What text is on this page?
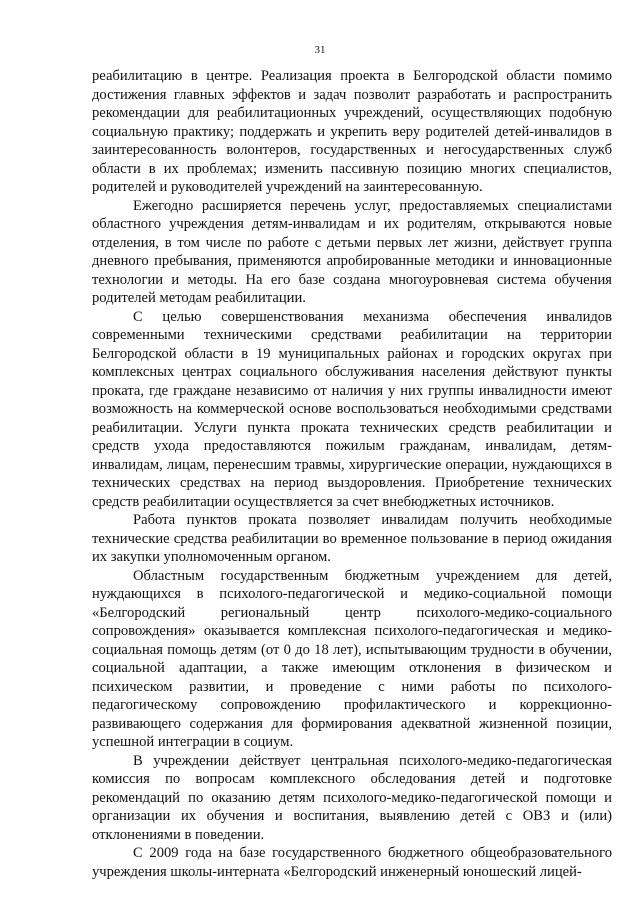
31

реабилитацию в центре. Реализация проекта в Белгородской области помимо достижения главных эффектов и задач позволит разработать и распространить рекомендации для реабилитационных учреждений, осуществляющих подобную социальную практику; поддержать и укрепить веру родителей детей-инвалидов в заинтересованность волонтеров, государственных и негосударственных служб области в их проблемах; изменить пассивную позицию многих специалистов, родителей и руководителей учреждений на заинтересованную.

Ежегодно расширяется перечень услуг, предоставляемых специалистами областного учреждения детям-инвалидам и их родителям, открываются новые отделения, в том числе по работе с детьми первых лет жизни, действует группа дневного пребывания, применяются апробированные методики и инновационные технологии и методы. На его базе создана многоуровневая система обучения родителей методам реабилитации.

С целью совершенствования механизма обеспечения инвалидов современными техническими средствами реабилитации на территории Белгородской области в 19 муниципальных районах и городских округах при комплексных центрах социального обслуживания населения действуют пункты проката, где граждане независимо от наличия у них группы инвалидности имеют возможность на коммерческой основе воспользоваться необходимыми средствами реабилитации. Услуги пункта проката технических средств реабилитации и средств ухода предоставляются пожилым гражданам, инвалидам, детям-инвалидам, лицам, перенесшим травмы, хирургические операции, нуждающихся в технических средствах на период выздоровления. Приобретение технических средств реабилитации осуществляется за счет внебюджетных источников.

Работа пунктов проката позволяет инвалидам получить необходимые технические средства реабилитации во временное пользование в период ожидания их закупки уполномоченным органом.

Областным государственным бюджетным учреждением для детей, нуждающихся в психолого-педагогической и медико-социальной помощи «Белгородский региональный центр психолого-медико-социального сопровождения» оказывается комплексная психолого-педагогическая и медико-социальная помощь детям (от 0 до 18 лет), испытывающим трудности в обучении, социальной адаптации, а также имеющим отклонения в физическом и психическом развитии, и проведение с ними работы по психолого-педагогическому сопровождению профилактического и коррекционно-развивающего содержания для формирования адекватной жизненной позиции, успешной интеграции в социум.

В учреждении действует центральная психолого-медико-педагогическая комиссия по вопросам комплексного обследования детей и подготовке рекомендаций по оказанию детям психолого-медико-педагогической помощи и организации их обучения и воспитания, выявлению детей с ОВЗ и (или) отклонениями в поведении.

С 2009 года на базе государственного бюджетного общеобразовательного учреждения школы-интерната «Белгородский инженерный юношеский лицей-
